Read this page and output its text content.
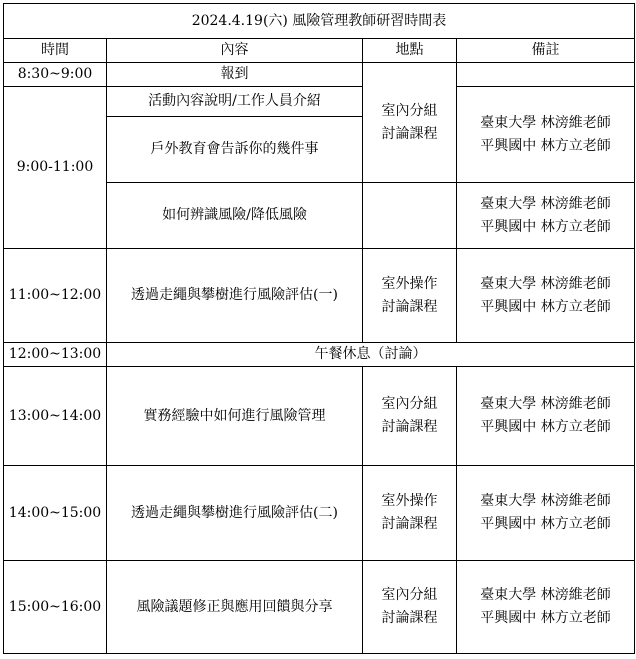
2024.4.19(六) 風險管理教師研習時間表			
時間	內容	地點	備註
8:30~9:00	報到	室內分組
討論課程	

9:00-11:00	活動內容說明/工作人員介紹		臺東大學 林滂維老師
平興國中 林方立老師

	戶外教育會告訴你的幾件事		
	如何辨識風險/降低風險		臺東大學 林滂維老師
平興國中 林方立老師

11:00~12:00	透過走繩與攀樹進行風險評估(一)	室外操作
討論課程	臺東大學 林滂維老師
平興國中 林方立老師

12:00~13:00	午餐休息（討論）		
13:00~14:00	實務經驗中如何進行風險管理	室內分組
討論課程	臺東大學 林滂維老師
平興國中 林方立老師

14:00~15:00	透過走繩與攀樹進行風險評估(二)	室外操作
討論課程	臺東大學 林滂維老師
平興國中 林方立老師

15:00~16:00	風險議題修正與應用回饋與分享	室內分組
討論課程	臺東大學 林滂維老師
平興國中 林方立老師
